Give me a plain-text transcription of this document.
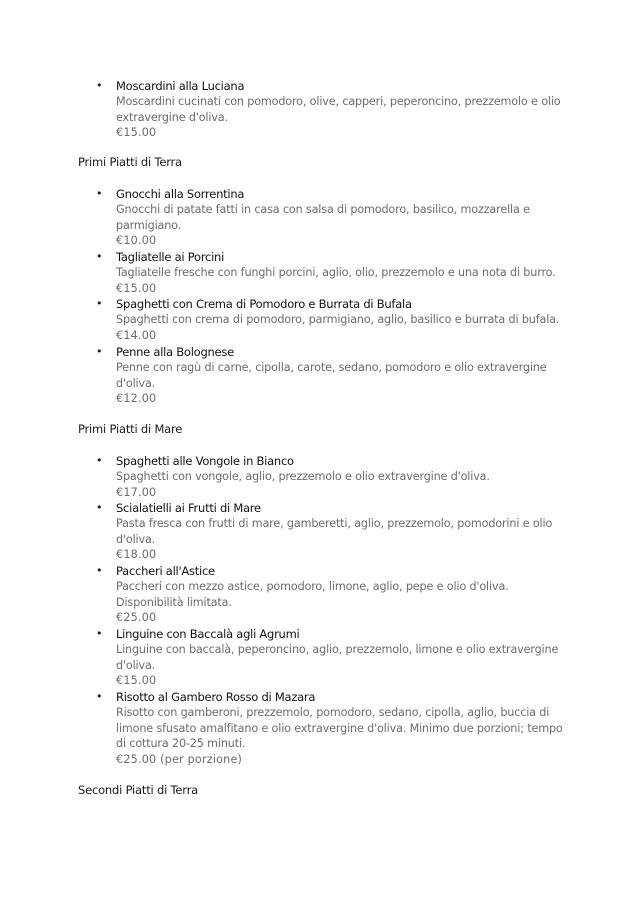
• Moscardini alla Luciana
Moscardini cucinati con pomodoro, olive, capperi, peperoncino, prezzemolo e olio extravergine d'oliva.
€15.00
Primi Piatti di Terra
• Gnocchi alla Sorrentina
Gnocchi di patate fatti in casa con salsa di pomodoro, basilico, mozzarella e parmigiano.
€10.00
• Tagliatelle ai Porcini
Tagliatelle fresche con funghi porcini, aglio, olio, prezzemolo e una nota di burro.
€15.00
• Spaghetti con Crema di Pomodoro e Burrata di Bufala
Spaghetti con crema di pomodoro, parmigiano, aglio, basilico e burrata di bufala.
€14.00
• Penne alla Bolognese
Penne con ragù di carne, cipolla, carote, sedano, pomodoro e olio extravergine d'oliva.
€12.00
Primi Piatti di Mare
• Spaghetti alle Vongole in Bianco
Spaghetti con vongole, aglio, prezzemolo e olio extravergine d'oliva.
€17.00
• Scialatielli ai Frutti di Mare
Pasta fresca con frutti di mare, gamberetti, aglio, prezzemolo, pomodorini e olio d'oliva.
€18.00
• Paccheri all'Astice
Paccheri con mezzo astice, pomodoro, limone, aglio, pepe e olio d'oliva. Disponibilità limitata.
€25.00
• Linguine con Baccalà agli Agrumi
Linguine con baccalà, peperoncino, aglio, prezzemolo, limone e olio extravergine d'oliva.
€15.00
• Risotto al Gambero Rosso di Mazara
Risotto con gamberoni, prezzemolo, pomodoro, sedano, cipolla, aglio, buccia di limone sfusato amalfitano e olio extravergine d'oliva. Minimo due porzioni; tempo di cottura 20-25 minuti.
€25.00 (per porzione)
Secondi Piatti di Terra
